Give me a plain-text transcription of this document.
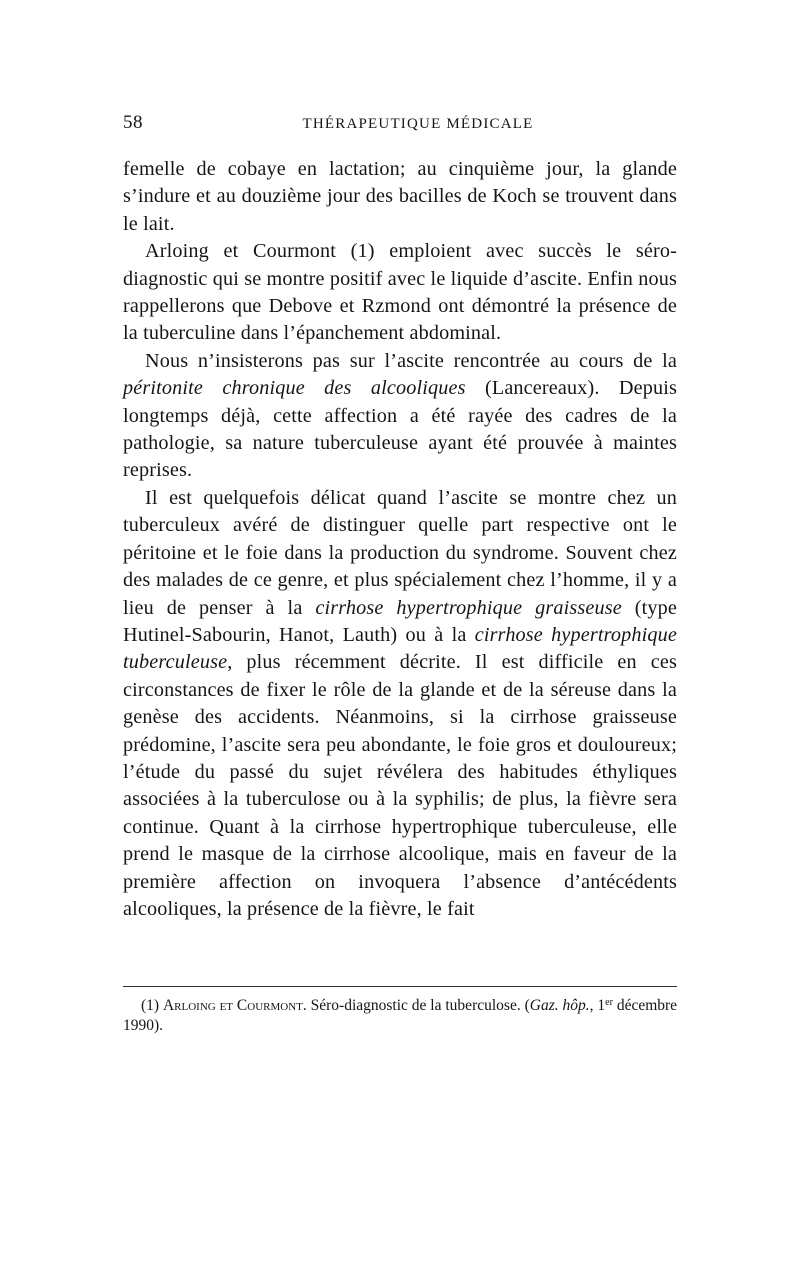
58	THÉRAPEUTIQUE MÉDICALE

femelle de cobaye en lactation; au cinquième jour, la glande s’indure et au douzième jour des bacilles de Koch se trouvent dans le lait.

Arloing et Courmont (1) emploient avec succès le séro-diagnostic qui se montre positif avec le liquide d’ascite. Enfin nous rappellerons que Debove et Rzmond ont démontré la présence de la tuberculine dans l’épanchement abdominal.

Nous n’insisterons pas sur l’ascite rencontrée au cours de la péritonite chronique des alcooliques (Lancereaux). Depuis longtemps déjà, cette affection a été rayée des cadres de la pathologie, sa nature tuberculeuse ayant été prouvée à maintes reprises.

Il est quelquefois délicat quand l’ascite se montre chez un tuberculeux avéré de distinguer quelle part respective ont le péritoine et le foie dans la production du syndrome. Souvent chez des malades de ce genre, et plus spécialement chez l’homme, il y a lieu de penser à la cirrhose hypertrophique graisseuse (type Hutinel-Sabourin, Hanot, Lauth) ou à la cirrhose hypertrophique tuberculeuse, plus récemment décrite. Il est difficile en ces circonstances de fixer le rôle de la glande et de la séreuse dans la genèse des accidents. Néanmoins, si la cirrhose graisseuse prédomine, l’ascite sera peu abondante, le foie gros et douloureux; l’étude du passé du sujet révélera des habitudes éthyliques associées à la tuberculose ou à la syphilis; de plus, la fièvre sera continue. Quant à la cirrhose hypertrophique tuberculeuse, elle prend le masque de la cirrhose alcoolique, mais en faveur de la première affection on invoquera l’absence d’antécédents alcooliques, la présence de la fièvre, le fait

(1) Arloing et Courmont. Séro-diagnostic de la tuberculose. (Gaz. hôp., 1er décembre 1990).
